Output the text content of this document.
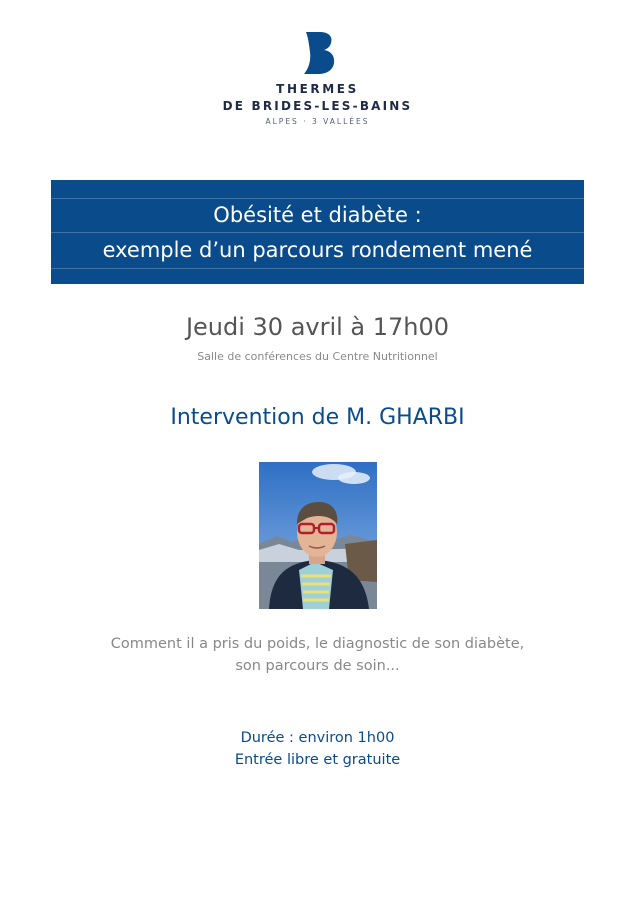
THERMES
DE BRIDES-LES-BAINS
ALPES · 3 VALLÉES
Obésité et diabète :
exemple d’un parcours rondement mené
Jeudi 30 avril à 17h00
Salle de conférences du Centre Nutritionnel
Intervention de M. GHARBI
Comment il a pris du poids, le diagnostic de son diabète,
son parcours de soin...
Durée : environ 1h00
Entrée libre et gratuite
